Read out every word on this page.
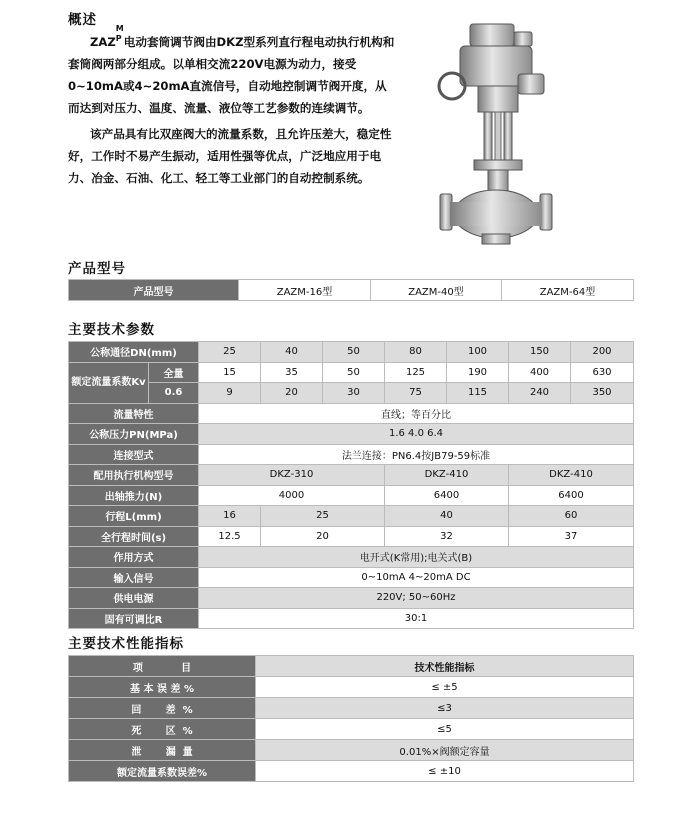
概述

ZAZ
M
P 电动套筒调节阀由DKZ型系列直行程电动执行机构和套筒阀两部分组成。以单相交流220V电源为动力，接受0~10mA或4~20mA直流信号，自动地控制调节阀开度，从而达到对压力、温度、流量、液位等工艺参数的连续调节。

该产品具有比双座阀大的流量系数，且允许压差大，稳定性好，工作时不易产生振动，适用性强等优点，广泛地应用于电力、冶金、石油、化工、轻工等工业部门的自动控制系统。

产品型号
产品型号	ZAZM-16型	ZAZM-40型	ZAZM-64型
主要技术参数
公称通径DN(mm)		25	40	50	80	100	150	200
额定流量系数Kv	全量	15	35	50	125	190	400	630
	0.6	9	20	30	75	115	240	350
流量特性		直线；等百分比						
公称压力PN(MPa)		1.6 4.0 6.4						
连接型式		法兰连接：PN6.4按JB79-59标准						
配用执行机构型号		DKZ-310			DKZ-410		DKZ-410	
出轴推力(N)		4000			6400		6400	
行程L(mm)		16	25		40		60	
全行程时间(s)		12.5	20		32		37	
作用方式		电开式(K常用);电关式(B)						
输入信号		0~10mA 4~20mA DC						
供电电源		220V; 50~60Hz						
固有可调比R		30:1						
主要技术性能指标
项           目	技术性能指标
基 本 误 差 %	≤ ±5
回       差  %	≤3
死       区  %	≤5
泄       漏  量	0.01%×阀额定容量
额定流量系数误差%	≤ ±10
